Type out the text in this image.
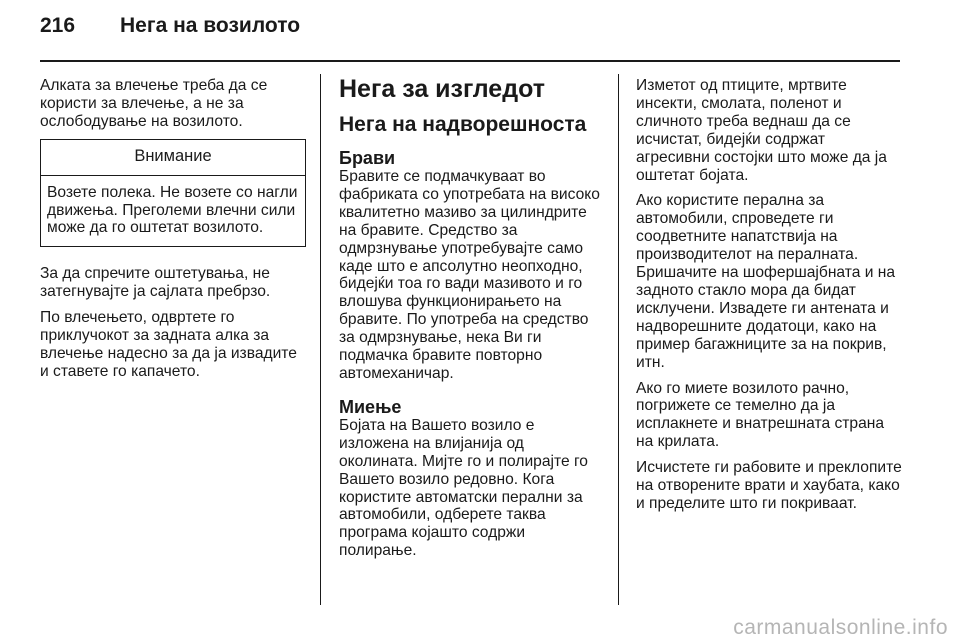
216 Нега на возилото

Алката за влечење треба да се користи за влечење, а не за ослободување на возилото.

Внимание
Возете полека. Не возете со нагли движења. Преголеми влечни сили може да го оштетат возилото.

За да спречите оштетувања, не затегнувајте ја сајлата пребрзо.

По влечењето, одвртете го приклучокот за задната алка за влечење надесно за да ја извадите и ставете го капачето.

Нега за изгледот
Нега на надворешноста
Брави

Бравите се подмачкуваат во фабриката со употребата на високо квалитетно мазиво за цилиндрите на бравите. Средство за одмрзнување употребувајте само каде што е апсолутно неопходно, бидејќи тоа го вади мазивото и го влошува функционирањето на бравите. По употреба на средство за одмрзнување, нека Ви ги подмачка бравите повторно автомеханичар.

Миење

Бојата на Вашето возило е изложена на влијанија од околината. Мијте го и полирајте го Вашето возило редовно. Кога користите автоматски перални за автомобили, одберете таква програма којашто содржи полирање.

Изметот од птиците, мртвите инсекти, смолата, поленот и сличното треба веднаш да се исчистат, бидејќи содржат агресивни состојки што може да ја оштетат бојата.

Ако користите перална за автомобили, спроведете ги соодветните напатствија на производителот на пералната. Бришачите на шофершајбната и на задното стакло мора да бидат исклучени. Извадете ги антената и надворешните додатоци, како на пример багажниците за на покрив, итн.

Ако го миете возилото рачно, погрижете се темелно да ја исплакнете и внатрешната страна на крилата.

Исчистете ги рабовите и преклопите на отворените врати и хаубата, како и пределите што ги покриваат.

carmanualsonline.info
